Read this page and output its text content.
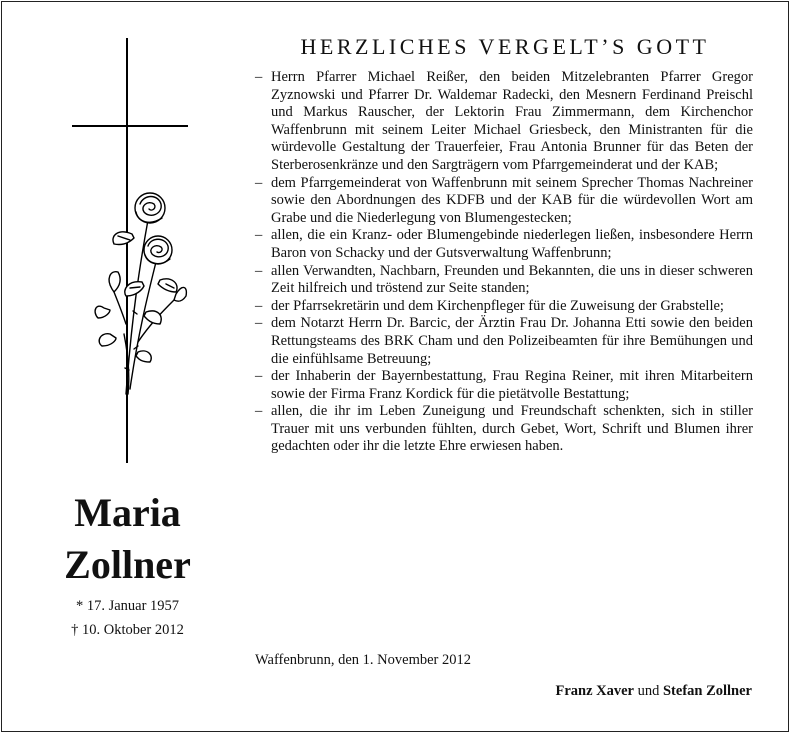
Maria
Zollner
* 17. Januar 1957
† 10. Oktober 2012
HERZLICHES VERGELT’S GOTT
– Herrn Pfarrer Michael Reißer, den beiden Mitzelebranten Pfarrer Gregor Zyznowski und Pfarrer Dr. Waldemar Radecki, den Mesnern Ferdinand Preischl und Markus Rauscher, der Lektorin Frau Zimmermann, dem Kirchenchor Waffenbrunn mit seinem Leiter Michael Griesbeck, den Ministranten für die würdevolle Gestaltung der Trauerfeier, Frau Antonia Brunner für das Beten der Sterberosenkränze und den Sargträgern vom Pfarrgemeinderat und der KAB;
– dem Pfarrgemeinderat von Waffenbrunn mit seinem Sprecher Thomas Nachreiner sowie den Abordnungen des KDFB und der KAB für die würdevollen Wort am Grabe und die Niederlegung von Blumengestecken;
– allen, die ein Kranz- oder Blumengebinde niederlegen ließen, insbesondere Herrn Baron von Schacky und der Gutsverwaltung Waffenbrunn;
– allen Verwandten, Nachbarn, Freunden und Bekannten, die uns in dieser schweren Zeit hilfreich und tröstend zur Seite standen;
– der Pfarrsekretärin und dem Kirchenpfleger für die Zuweisung der Grabstelle;
– dem Notarzt Herrn Dr. Barcic, der Ärztin Frau Dr. Johanna Etti sowie den beiden Rettungsteams des BRK Cham und den Polizeibeamten für ihre Bemühungen und die einfühlsame Betreuung;
– der Inhaberin der Bayernbestattung, Frau Regina Reiner, mit ihren Mitarbeitern sowie der Firma Franz Kordick für die pietätvolle Bestattung;
– allen, die ihr im Leben Zuneigung und Freundschaft schenkten, sich in stiller Trauer mit uns verbunden fühlten, durch Gebet, Wort, Schrift und Blumen ihrer gedachten oder ihr die letzte Ehre erwiesen haben.
Waffenbrunn, den 1. November 2012
Franz Xaver und Stefan Zollner
